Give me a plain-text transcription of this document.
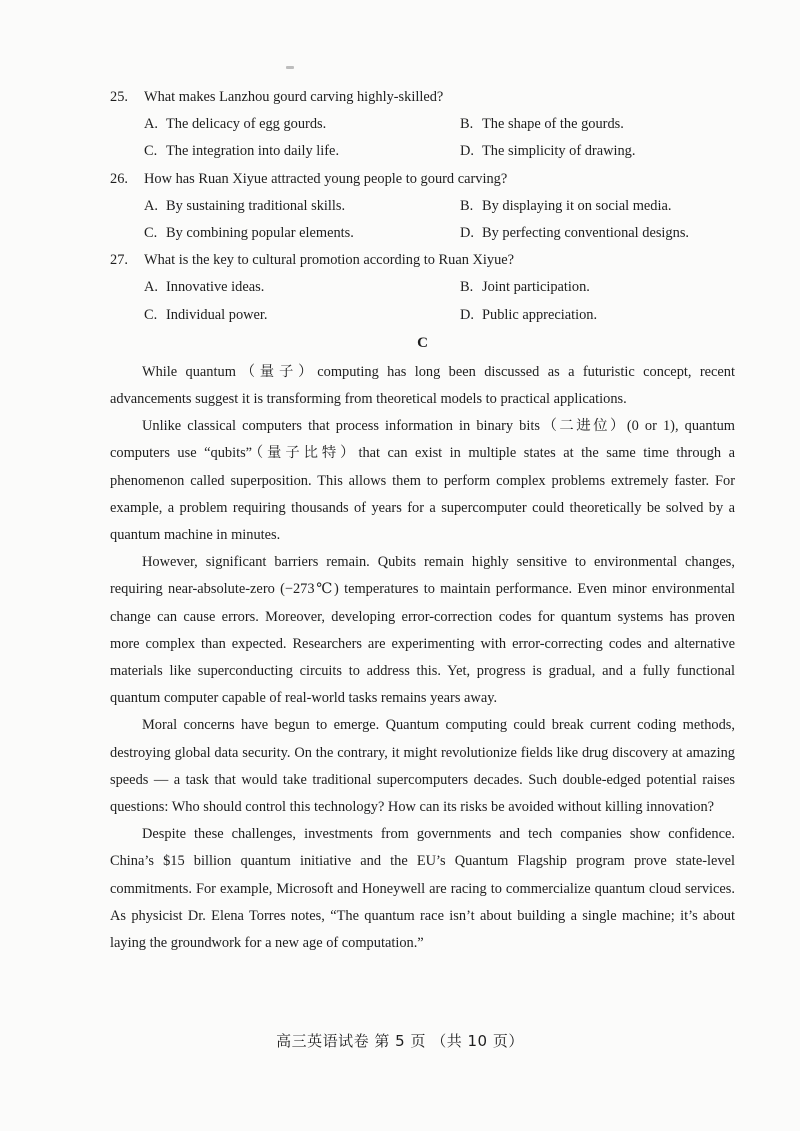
25. What makes Lanzhou gourd carving highly-skilled?

A. The delicacy of egg gourds.	B. The shape of the gourds.
C. The integration into daily life.	D. The simplicity of drawing.

26. How has Ruan Xiyue attracted young people to gourd carving?

A. By sustaining traditional skills.	B. By displaying it on social media.
C. By combining popular elements.	D. By perfecting conventional designs.

27. What is the key to cultural promotion according to Ruan Xiyue?

A. Innovative ideas.	B. Joint participation.
C. Individual power.	D. Public appreciation.
C

While quantum（量子）computing has long been discussed as a futuristic concept, recent advancements suggest it is transforming from theoretical models to practical applications.

Unlike classical computers that process information in binary bits（二进位）(0 or 1), quantum computers use “qubits”（量子比特）that can exist in multiple states at the same time through a phenomenon called superposition. This allows them to perform complex problems extremely faster. For example, a problem requiring thousands of years for a supercomputer could theoretically be solved by a quantum machine in minutes.

However, significant barriers remain. Qubits remain highly sensitive to environmental changes, requiring near-absolute-zero (−273℃) temperatures to maintain performance. Even minor environmental change can cause errors. Moreover, developing error-correction codes for quantum systems has proven more complex than expected. Researchers are experimenting with error-correcting codes and alternative materials like superconducting circuits to address this. Yet, progress is gradual, and a fully functional quantum computer capable of real-world tasks remains years away.

Moral concerns have begun to emerge. Quantum computing could break current coding methods, destroying global data security. On the contrary, it might revolutionize fields like drug discovery at amazing speeds — a task that would take traditional supercomputers decades. Such double-edged potential raises questions: Who should control this technology? How can its risks be avoided without killing innovation?

Despite these challenges, investments from governments and tech companies show confidence. China’s $15 billion quantum initiative and the EU’s Quantum Flagship program prove state-level commitments. For example, Microsoft and Honeywell are racing to commercialize quantum cloud services. As physicist Dr. Elena Torres notes, “The quantum race isn’t about building a single machine; it’s about laying the groundwork for a new age of computation.”

高三英语试卷 第 5 页 （共 10 页）
